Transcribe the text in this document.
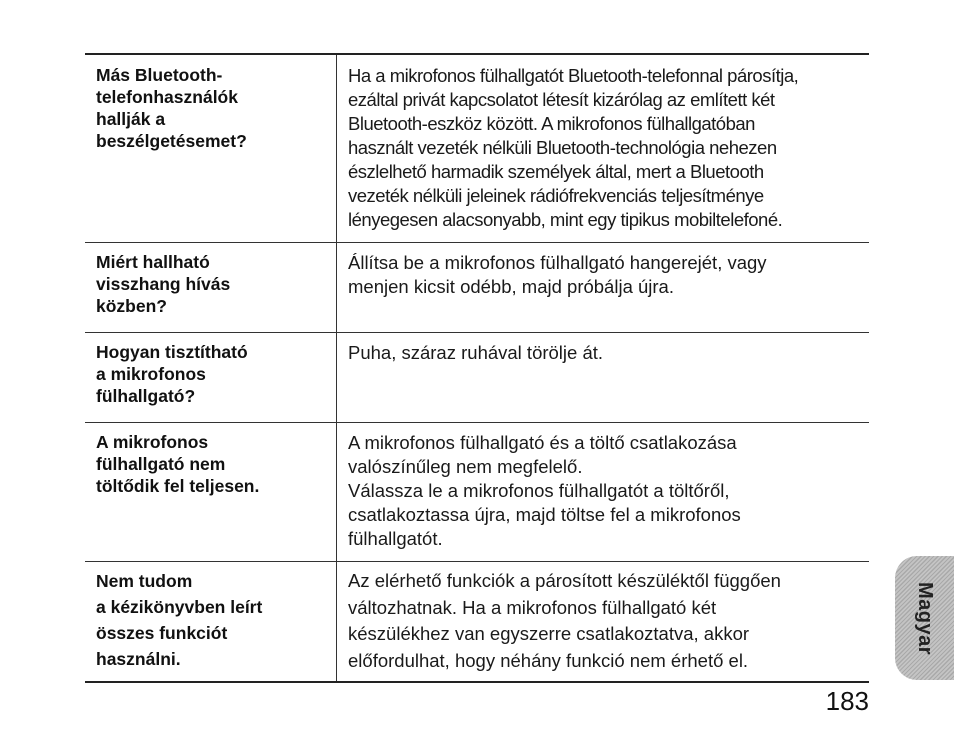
Más Bluetooth-
telefonhasználók
hallják a
beszélgetésemet?
Ha a mikrofonos fülhallgatót Bluetooth-telefonnal párosítja,
ezáltal privát kapcsolatot létesít kizárólag az említett két
Bluetooth-eszköz között. A mikrofonos fülhallgatóban
használt vezeték nélküli Bluetooth-technológia nehezen
észlelhető harmadik személyek által, mert a Bluetooth
vezeték nélküli jeleinek rádiófrekvenciás teljesítménye
lényegesen alacsonyabb, mint egy tipikus mobiltelefoné.
Miért hallható
visszhang hívás
közben?
Állítsa be a mikrofonos fülhallgató hangerejét, vagy
menjen kicsit odébb, majd próbálja újra.
Hogyan tisztítható
a mikrofonos
fülhallgató?
Puha, száraz ruhával törölje át.
A mikrofonos
fülhallgató nem
töltődik fel teljesen.
A mikrofonos fülhallgató és a töltő csatlakozása
valószínűleg nem megfelelő.
Válassza le a mikrofonos fülhallgatót a töltőről,
csatlakoztassa újra, majd töltse fel a mikrofonos
fülhallgatót.
Nem tudom
a kézikönyvben leírt
összes funkciót
használni.
Az elérhető funkciók a párosított készüléktől függően
változhatnak. Ha a mikrofonos fülhallgató két
készülékhez van egyszerre csatlakoztatva, akkor
előfordulhat, hogy néhány funkció nem érhető el.
Magyar
183
